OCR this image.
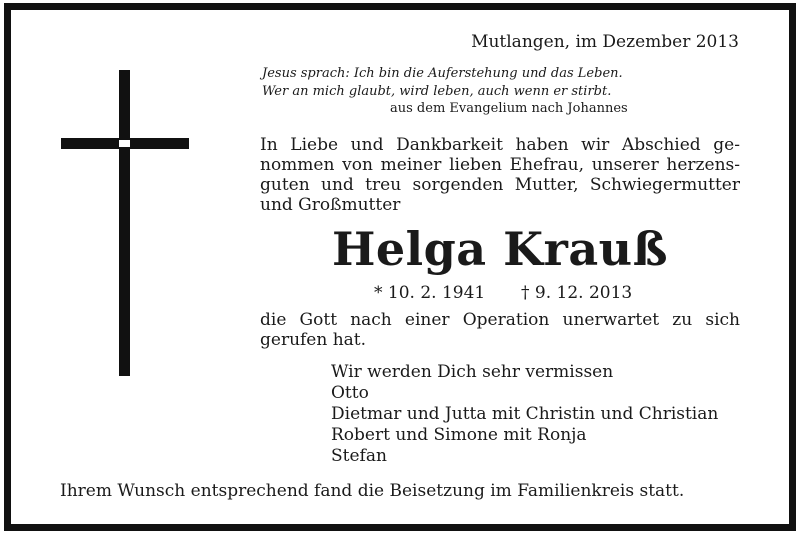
Mutlangen, im Dezember 2013

Jesus sprach: Ich bin die Auferstehung und das Leben.
Wer an mich glaubt, wird leben, auch wenn er stirbt.

aus dem Evangelium nach Johannes

In Liebe und Dankbarkeit haben wir Abschied ge-
nommen von meiner lieben Ehefrau, unserer herzens-
guten und treu sorgenden Mutter, Schwiegermutter
und Großmutter

Helga Krauß

* 10. 2. 1941 † 9. 12. 2013

die Gott nach einer Operation unerwartet zu sich
gerufen hat.
Wir werden Dich sehr vermissen
Otto
Dietmar und Jutta mit Christin und Christian
Robert und Simone mit Ronja
Stefan

Ihrem Wunsch entsprechend fand die Beisetzung im Familienkreis statt.
